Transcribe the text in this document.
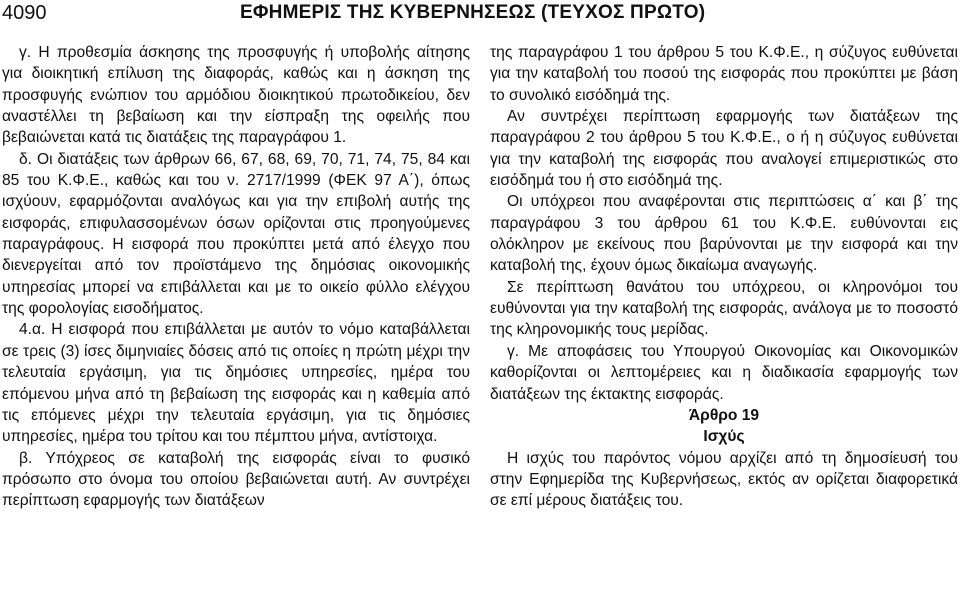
4090	ΕΦΗΜΕΡΙΣ ΤΗΣ ΚΥΒΕΡΝΗΣΕΩΣ (ΤΕΥΧΟΣ ΠΡΩΤΟ)

γ. Η προθεσμία άσκησης της προσφυγής ή υποβολής αίτησης για διοικητική επίλυση της διαφοράς, καθώς και η άσκηση της προσφυγής ενώπιον του αρμόδιου διοικητικού πρωτοδικείου, δεν αναστέλλει τη βεβαίωση και την είσπραξη της οφειλής που βεβαιώνεται κατά τις διατάξεις της παραγράφου 1.

δ. Οι διατάξεις των άρθρων 66, 67, 68, 69, 70, 71, 74, 75, 84 και 85 του Κ.Φ.Ε., καθώς και του ν. 2717/1999 (ΦΕΚ 97 Α΄), όπως ισχύουν, εφαρμόζονται αναλόγως και για την επιβολή αυτής της εισφοράς, επιφυλασσομένων όσων ορίζονται στις προηγούμενες παραγράφους. Η εισφορά που προκύπτει μετά από έλεγχο που διενεργείται από τον προϊστάμενο της δημόσιας οικονομικής υπηρεσίας μπορεί να επιβάλλεται και με το οικείο φύλλο ελέγχου της φορολογίας εισοδήματος.

4.α. Η εισφορά που επιβάλλεται με αυτόν το νόμο καταβάλλεται σε τρεις (3) ίσες διμηνιαίες δόσεις από τις οποίες η πρώτη μέχρι την τελευταία εργάσιμη, για τις δημόσιες υπηρεσίες, ημέρα του επόμενου μήνα από τη βεβαίωση της εισφοράς και η καθεμία από τις επόμενες μέχρι την τελευταία εργάσιμη, για τις δημόσιες υπηρεσίες, ημέρα του τρίτου και του πέμπτου μήνα, αντίστοιχα.

β. Υπόχρεος σε καταβολή της εισφοράς είναι το φυσικό πρόσωπο στο όνομα του οποίου βεβαιώνεται αυτή. Αν συντρέχει περίπτωση εφαρμογής των διατάξεων

της παραγράφου 1 του άρθρου 5 του Κ.Φ.Ε., η σύζυγος ευθύνεται για την καταβολή του ποσού της εισφοράς που προκύπτει με βάση το συνολικό εισόδημά της.

Αν συντρέχει περίπτωση εφαρμογής των διατάξεων της παραγράφου 2 του άρθρου 5 του Κ.Φ.Ε., ο ή η σύζυγος ευθύνεται για την καταβολή της εισφοράς που αναλογεί επιμεριστικώς στο εισόδημά του ή στο εισόδημά της.

Οι υπόχρεοι που αναφέρονται στις περιπτώσεις α΄ και β΄ της παραγράφου 3 του άρθρου 61 του Κ.Φ.Ε. ευθύνονται εις ολόκληρον με εκείνους που βαρύνονται με την εισφορά και την καταβολή της, έχουν όμως δικαίωμα αναγωγής.

Σε περίπτωση θανάτου του υπόχρεου, οι κληρονόμοι του ευθύνονται για την καταβολή της εισφοράς, ανάλογα με το ποσοστό της κληρονομικής τους μερίδας.

γ. Με αποφάσεις του Υπουργού Οικονομίας και Οικονομικών καθορίζονται οι λεπτομέρειες και η διαδικασία εφαρμογής των διατάξεων της έκτακτης εισφοράς.

Άρθρο 19

Ισχύς

Η ισχύς του παρόντος νόμου αρχίζει από τη δημοσίευσή του στην Εφημερίδα της Κυβερνήσεως, εκτός αν ορίζεται διαφορετικά σε επί μέρους διατάξεις του.
